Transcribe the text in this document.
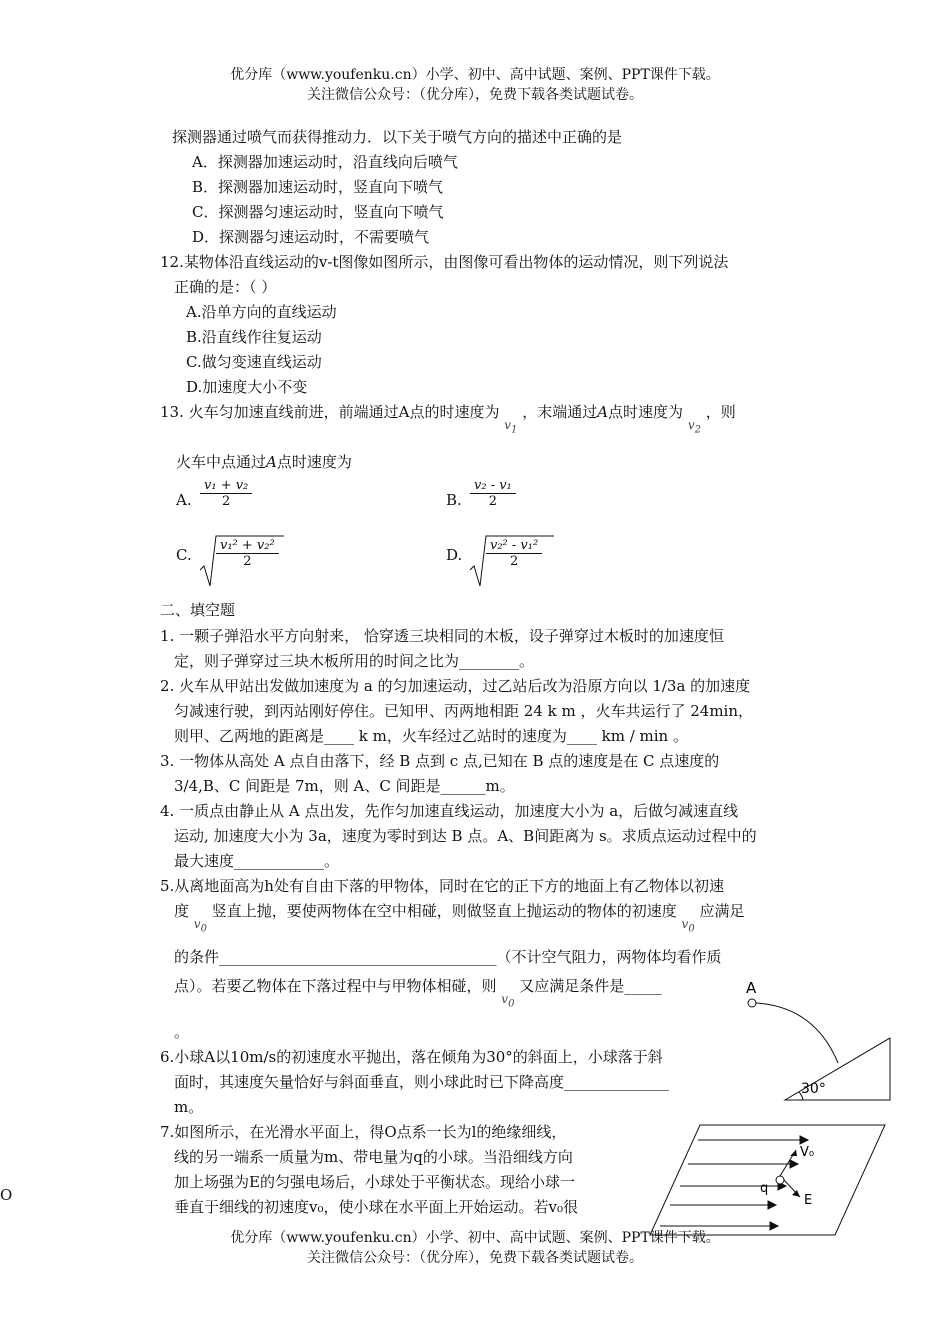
优分库（www.youfenku.cn）小学、初中、高中试题、案例、PPT课件下载。
关注微信公众号：（优分库），免费下载各类试题试卷。
探测器通过喷气而获得推动力．以下关于喷气方向的描述中正确的是
A．探测器加速运动时，沿直线向后喷气
B．探测器加速运动时，竖直向下喷气
C．探测器匀速运动时，竖直向下喷气
D．探测器匀速运动时，不需要喷气
12.某物体沿直线运动的v-t图像如图所示，由图像可看出物体的运动情况，则下列说法
正确的是：（ ）
A.沿单方向的直线运动
B.沿直线作往复运动
C.做匀变速直线运动
D.加速度大小不变
13. 火车匀加速直线前进，前端通过A点的时速度为 $_{v_1}$ ，末端通过A点时速度为 $_{v_2}$ ，则
火车中点通过A点时速度为
A. $\frac{\text{v₁ + v₂}}{2}$	B. $\frac{\text{v₂ - v₁}}{2}$
C. $\frac{\text{v₁² + v₂²}}{2}$	D. $\frac{\text{v₂² - v₁²}}{2}$
二、填空题
1. 一颗子弹沿水平方向射来， 恰穿透三块相同的木板，设子弹穿过木板时的加速度恒
定，则子弹穿过三块木板所用的时间之比为________。
2. 火车从甲站出发做加速度为 a 的匀加速运动，过乙站后改为沿原方向以 1/3a 的加速度
匀减速行驶，到丙站刚好停住。已知甲、丙两地相距 24 k m ，火车共运行了 24min，
则甲、乙两地的距离是____ k m，火车经过乙站时的速度为____ km / min 。
3. 一物体从高处 A 点自由落下，经 B 点到 c 点,已知在 B 点的速度是在 C 点速度的
3/4,B、C 间距是 7m，则 A、C 间距是______m。
4. 一质点由静止从 A 点出发，先作匀加速直线运动，加速度大小为 a，后做匀减速直线
运动, 加速度大小为 3a，速度为零时到达 B 点。A、B间距离为 s。求质点运动过程中的
最大速度____________。
5.从离地面高为h处有自由下落的甲物体，同时在它的正下方的地面上有乙物体以初速
度 $_{v_0}$ 竖直上抛，要使两物体在空中相碰，则做竖直上抛运动的物体的初速度 $_{v_0}$ 应满足
的条件_____________________________________（不计空气阻力，两物体均看作质
点）。若要乙物体在下落过程中与甲物体相碰，则 $_{v_0}$ 又应满足条件是_____
。
6.小球A以10m/s的初速度水平抛出，落在倾角为30°的斜面上，小球落于斜
面时，其速度矢量恰好与斜面垂直，则小球此时已下降高度______________
m。
A
30°
7.如图所示，在光滑水平面上，得O点系一长为l的绝缘细线，
线的另一端系一质量为m、带电量为q的小球。当沿细线方向
加上场强为E的匀强电场后，小球处于平衡状态。现给小球一
垂直于细线的初速度v₀，使小球在水平面上开始运动。若v₀很
V₀
q
E
O
优分库（www.youfenku.cn）小学、初中、高中试题、案例、PPT课件下载。
关注微信公众号：（优分库），免费下载各类试题试卷。
